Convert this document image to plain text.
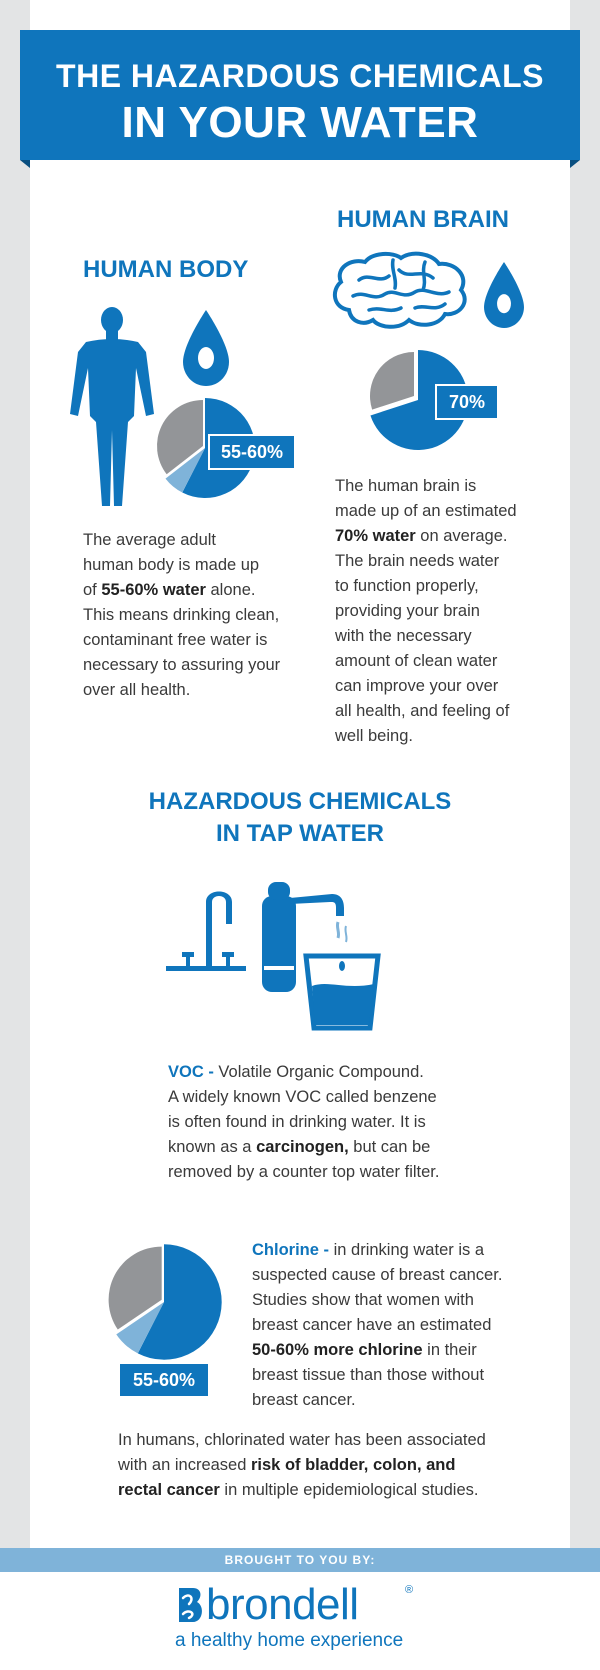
THE HAZARDOUS CHEMICALS
IN YOUR WATER
HUMAN BODY
55-60%
The average adult
human body is made up
of 55-60% water alone.
This means drinking clean,
contaminant free water is
necessary to assuring your
over all health.
HUMAN BRAIN
70%
The human brain is
made up of an estimated
70% water on average.
The brain needs water
to function properly,
providing your brain
with the necessary
amount of clean water
can improve your over
all health, and feeling of
well being.
HAZARDOUS CHEMICALS
IN TAP WATER
VOC - Volatile Organic Compound.
A widely known VOC called benzene
is often found in drinking water. It is
known as a carcinogen, but can be
removed by a counter top water filter.
55-60%
Chlorine - in drinking water is a
suspected cause of breast cancer.
Studies show that women with
breast cancer have an estimated
50-60% more chlorine in their
breast tissue than those without
breast cancer.
In humans, chlorinated water has been associated
with an increased risk of bladder, colon, and
rectal cancer in multiple epidemiological studies.
BROUGHT TO YOU BY:
brondell	®
a healthy home experience
